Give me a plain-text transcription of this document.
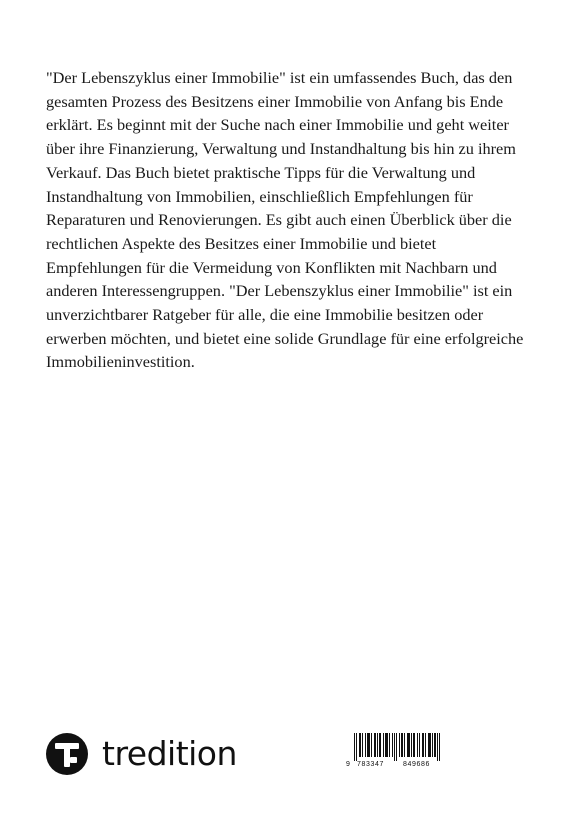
"Der Lebenszyklus einer Immobilie" ist ein umfassendes Buch, das den gesamten Prozess des Besitzens einer Immobilie von Anfang bis Ende erklärt. Es beginnt mit der Suche nach einer Immobilie und geht weiter über ihre Finanzierung, Verwaltung und Instandhaltung bis hin zu ihrem Verkauf. Das Buch bietet praktische Tipps für die Verwaltung und Instandhaltung von Immobilien, einschließlich Empfehlungen für Reparaturen und Renovierungen. Es gibt auch einen Überblick über die rechtlichen Aspekte des Besitzes einer Immobilie und bietet Empfehlungen für die Vermeidung von Konflikten mit Nachbarn und anderen Interessengruppen. "Der Lebenszyklus einer Immobilie" ist ein unverzichtbarer Ratgeber für alle, die eine Immobilie besitzen oder erwerben möchten, und bietet eine solide Grundlage für eine erfolgreiche Immobilieninvestition.

tredition	9 783347	849686
